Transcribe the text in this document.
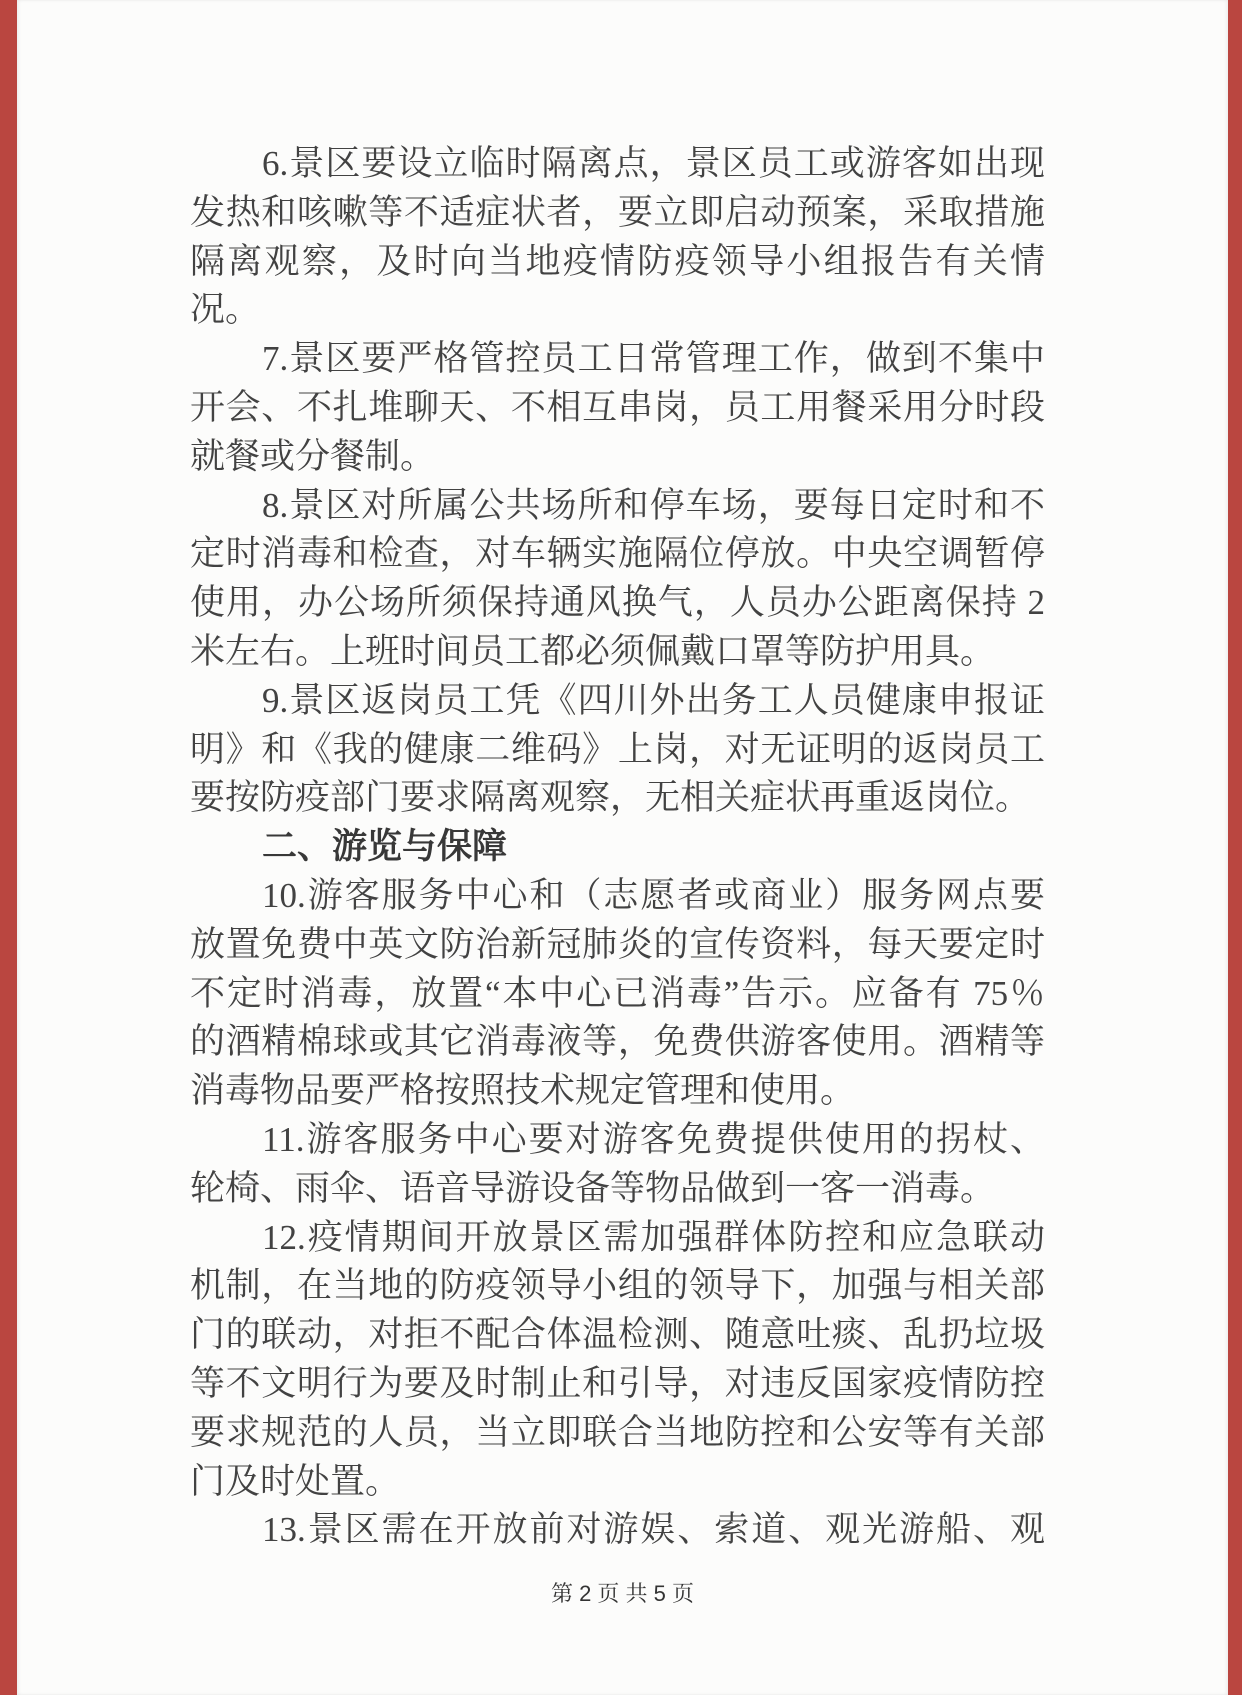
6.景区要设立临时隔离点，景区员工或游客如出现
发热和咳嗽等不适症状者，要立即启动预案，采取措施
隔离观察，及时向当地疫情防疫领导小组报告有关情
况。
7.景区要严格管控员工日常管理工作，做到不集中
开会、不扎堆聊天、不相互串岗，员工用餐采用分时段
就餐或分餐制。
8.景区对所属公共场所和停车场，要每日定时和不
定时消毒和检查，对车辆实施隔位停放。中央空调暂停
使用，办公场所须保持通风换气，人员办公距离保持 2
米左右。上班时间员工都必须佩戴口罩等防护用具。
9.景区返岗员工凭《四川外出务工人员健康申报证
明》和《我的健康二维码》上岗，对无证明的返岗员工
要按防疫部门要求隔离观察，无相关症状再重返岗位。
二、游览与保障
10.游客服务中心和（志愿者或商业）服务网点要
放置免费中英文防治新冠肺炎的宣传资料，每天要定时
不定时消毒，放置“本中心已消毒”告示。应备有 75％
的酒精棉球或其它消毒液等，免费供游客使用。酒精等
消毒物品要严格按照技术规定管理和使用。
11.游客服务中心要对游客免费提供使用的拐杖、
轮椅、雨伞、语音导游设备等物品做到一客一消毒。
12.疫情期间开放景区需加强群体防控和应急联动
机制，在当地的防疫领导小组的领导下，加强与相关部
门的联动，对拒不配合体温检测、随意吐痰、乱扔垃圾
等不文明行为要及时制止和引导，对违反国家疫情防控
要求规范的人员，当立即联合当地防控和公安等有关部
门及时处置。
13.景区需在开放前对游娱、索道、观光游船、观
第 2 页 共 5 页
